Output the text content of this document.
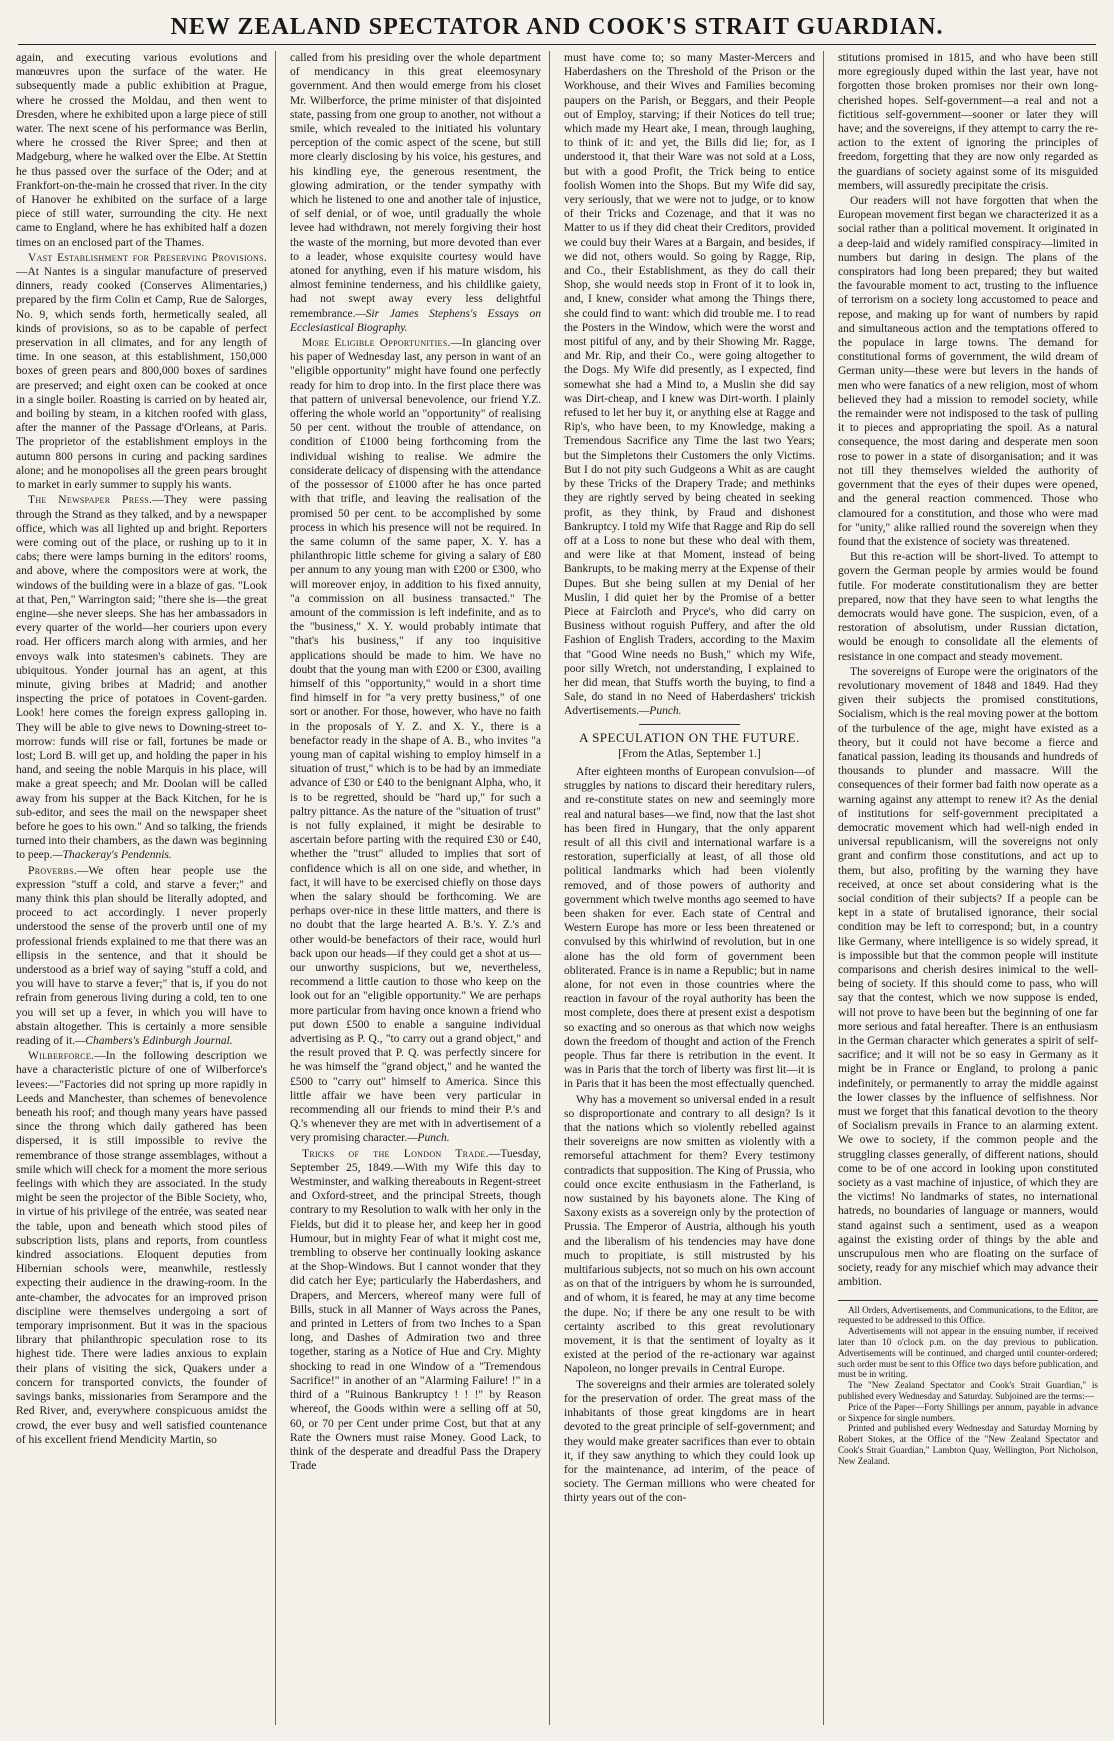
NEW ZEALAND SPECTATOR AND COOK'S STRAIT GUARDIAN.

again, and executing various evolutions and manœuvres upon the surface of the water. He subsequently made a public exhibition at Prague, where he crossed the Moldau, and then went to Dresden, where he exhibited upon a large piece of still water. The next scene of his performance was Berlin, where he crossed the River Spree; and then at Madgeburg, where he walked over the Elbe. At Stettin he thus passed over the surface of the Oder; and at Frankfort-on-the-main he crossed that river. In the city of Hanover he exhibited on the surface of a large piece of still water, surrounding the city. He next came to England, where he has exhibited half a dozen times on an enclosed part of the Thames.

Vast Establishment for Preserving Provisions.—At Nantes is a singular manufacture of preserved dinners, ready cooked (Conserves Alimentaries,) prepared by the firm Colin et Camp, Rue de Salorges, No. 9, which sends forth, hermetically sealed, all kinds of provisions, so as to be capable of perfect preservation in all climates, and for any length of time. In one season, at this establishment, 150,000 boxes of green pears and 800,000 boxes of sardines are preserved; and eight oxen can be cooked at once in a single boiler. Roasting is carried on by heated air, and boiling by steam, in a kitchen roofed with glass, after the manner of the Passage d'Orleans, at Paris. The proprietor of the establishment employs in the autumn 800 persons in curing and packing sardines alone; and he monopolises all the green pears brought to market in early summer to supply his wants.

The Newspaper Press.—They were passing through the Strand as they talked, and by a newspaper office, which was all lighted up and bright. Reporters were coming out of the place, or rushing up to it in cabs; there were lamps burning in the editors' rooms, and above, where the compositors were at work, the windows of the building were in a blaze of gas. "Look at that, Pen," Warrington said; "there she is—the great engine—she never sleeps. She has her ambassadors in every quarter of the world—her couriers upon every road. Her officers march along with armies, and her envoys walk into statesmen's cabinets. They are ubiquitous. Yonder journal has an agent, at this minute, giving bribes at Madrid; and another inspecting the price of potatoes in Covent-garden. Look! here comes the foreign express galloping in. They will be able to give news to Downing-street to-morrow: funds will rise or fall, fortunes be made or lost; Lord B. will get up, and holding the paper in his hand, and seeing the noble Marquis in his place, will make a great speech; and Mr. Doolan will be called away from his supper at the Back Kitchen, for he is sub-editor, and sees the mail on the newspaper sheet before he goes to his own." And so talking, the friends turned into their chambers, as the dawn was beginning to peep.—Thackeray's Pendennis.

Proverbs.—We often hear people use the expression "stuff a cold, and starve a fever;" and many think this plan should be literally adopted, and proceed to act accordingly. I never properly understood the sense of the proverb until one of my professional friends explained to me that there was an ellipsis in the sentence, and that it should be understood as a brief way of saying "stuff a cold, and you will have to starve a fever;" that is, if you do not refrain from generous living during a cold, ten to one you will set up a fever, in which you will have to abstain altogether. This is certainly a more sensible reading of it.—Chambers's Edinburgh Journal.

Wilberforce.—In the following description we have a characteristic picture of one of Wilberforce's levees:—"Factories did not spring up more rapidly in Leeds and Manchester, than schemes of benevolence beneath his roof; and though many years have passed since the throng which daily gathered has been dispersed, it is still impossible to revive the remembrance of those strange assemblages, without a smile which will check for a moment the more serious feelings with which they are associated. In the study might be seen the projector of the Bible Society, who, in virtue of his privilege of the entrée, was seated near the table, upon and beneath which stood piles of subscription lists, plans and reports, from countless kindred associations. Eloquent deputies from Hibernian schools were, meanwhile, restlessly expecting their audience in the drawing-room. In the ante-chamber, the advocates for an improved prison discipline were themselves undergoing a sort of temporary imprisonment. But it was in the spacious library that philanthropic speculation rose to its highest tide. There were ladies anxious to explain their plans of visiting the sick, Quakers under a concern for transported convicts, the founder of savings banks, missionaries from Serampore and the Red River, and, everywhere conspicuous amidst the crowd, the ever busy and well satisfied countenance of his excellent friend Mendicity Martin, so

called from his presiding over the whole department of mendicancy in this great eleemosynary government. And then would emerge from his closet Mr. Wilberforce, the prime minister of that disjointed state, passing from one group to another, not without a smile, which revealed to the initiated his voluntary perception of the comic aspect of the scene, but still more clearly disclosing by his voice, his gestures, and his kindling eye, the generous resentment, the glowing admiration, or the tender sympathy with which he listened to one and another tale of injustice, of self denial, or of woe, until gradually the whole levee had withdrawn, not merely forgiving their host the waste of the morning, but more devoted than ever to a leader, whose exquisite courtesy would have atoned for anything, even if his mature wisdom, his almost feminine tenderness, and his childlike gaiety, had not swept away every less delightful remembrance.—Sir James Stephens's Essays on Ecclesiastical Biography.

More Eligible Opportunities.—In glancing over his paper of Wednesday last, any person in want of an "eligible opportunity" might have found one perfectly ready for him to drop into. In the first place there was that pattern of universal benevolence, our friend Y.Z. offering the whole world an "opportunity" of realising 50 per cent. without the trouble of attendance, on condition of £1000 being forthcoming from the individual wishing to realise. We admire the considerate delicacy of dispensing with the attendance of the possessor of £1000 after he has once parted with that trifle, and leaving the realisation of the promised 50 per cent. to be accomplished by some process in which his presence will not be required. In the same column of the same paper, X. Y. has a philanthropic little scheme for giving a salary of £80 per annum to any young man with £200 or £300, who will moreover enjoy, in addition to his fixed annuity, "a commission on all business transacted." The amount of the commission is left indefinite, and as to the "business," X. Y. would probably intimate that "that's his business," if any too inquisitive applications should be made to him. We have no doubt that the young man with £200 or £300, availing himself of this "opportunity," would in a short time find himself in for "a very pretty business," of one sort or another. For those, however, who have no faith in the proposals of Y. Z. and X. Y., there is a benefactor ready in the shape of A. B., who invites "a young man of capital wishing to employ himself in a situation of trust," which is to be had by an immediate advance of £30 or £40 to the benignant Alpha, who, it is to be regretted, should be "hard up," for such a paltry pittance. As the nature of the "situation of trust" is not fully explained, it might be desirable to ascertain before parting with the required £30 or £40, whether the "trust" alluded to implies that sort of confidence which is all on one side, and whether, in fact, it will have to be exercised chiefly on those days when the salary should be forthcoming. We are perhaps over-nice in these little matters, and there is no doubt that the large hearted A. B.'s. Y. Z.'s and other would-be benefactors of their race, would hurl back upon our heads—if they could get a shot at us—our unworthy suspicions, but we, nevertheless, recommend a little caution to those who keep on the look out for an "eligible opportunity." We are perhaps more particular from having once known a friend who put down £500 to enable a sanguine individual advertising as P. Q., "to carry out a grand object," and the result proved that P. Q. was perfectly sincere for he was himself the "grand object," and he wanted the £500 to "carry out" himself to America. Since this little affair we have been very particular in recommending all our friends to mind their P.'s and Q.'s whenever they are met with in advertisement of a very promising character.—Punch.

Tricks of the London Trade.—Tuesday, September 25, 1849.—With my Wife this day to Westminster, and walking thereabouts in Regent-street and Oxford-street, and the principal Streets, though contrary to my Resolution to walk with her only in the Fields, but did it to please her, and keep her in good Humour, but in mighty Fear of what it might cost me, trembling to observe her continually looking askance at the Shop-Windows. But I cannot wonder that they did catch her Eye; particularly the Haberdashers, and Drapers, and Mercers, whereof many were full of Bills, stuck in all Manner of Ways across the Panes, and printed in Letters of from two Inches to a Span long, and Dashes of Admiration two and three together, staring as a Notice of Hue and Cry. Mighty shocking to read in one Window of a "Tremendous Sacrifice!" in another of an "Alarming Failure! !" in a third of a "Ruinous Bankruptcy ! ! !" by Reason whereof, the Goods within were a selling off at 50, 60, or 70 per Cent under prime Cost, but that at any Rate the Owners must raise Money. Good Lack, to think of the desperate and dreadful Pass the Drapery Trade

must have come to; so many Master-Mercers and Haberdashers on the Threshold of the Prison or the Workhouse, and their Wives and Families becoming paupers on the Parish, or Beggars, and their People out of Employ, starving; if their Notices do tell true; which made my Heart ake, I mean, through laughing, to think of it: and yet, the Bills did lie; for, as I understood it, that their Ware was not sold at a Loss, but with a good Profit, the Trick being to entice foolish Women into the Shops. But my Wife did say, very seriously, that we were not to judge, or to know of their Tricks and Cozenage, and that it was no Matter to us if they did cheat their Creditors, provided we could buy their Wares at a Bargain, and besides, if we did not, others would. So going by Ragge, Rip, and Co., their Establishment, as they do call their Shop, she would needs stop in Front of it to look in, and, I knew, consider what among the Things there, she could find to want: which did trouble me. I to read the Posters in the Window, which were the worst and most pitiful of any, and by their Showing Mr. Ragge, and Mr. Rip, and their Co., were going altogether to the Dogs. My Wife did presently, as I expected, find somewhat she had a Mind to, a Muslin she did say was Dirt-cheap, and I knew was Dirt-worth. I plainly refused to let her buy it, or anything else at Ragge and Rip's, who have been, to my Knowledge, making a Tremendous Sacrifice any Time the last two Years; but the Simpletons their Customers the only Victims. But I do not pity such Gudgeons a Whit as are caught by these Tricks of the Drapery Trade; and methinks they are rightly served by being cheated in seeking profit, as they think, by Fraud and dishonest Bankruptcy. I told my Wife that Ragge and Rip do sell off at a Loss to none but these who deal with them, and were like at that Moment, instead of being Bankrupts, to be making merry at the Expense of their Dupes. But she being sullen at my Denial of her Muslin, I did quiet her by the Promise of a better Piece at Faircloth and Pryce's, who did carry on Business without roguish Puffery, and after the old Fashion of English Traders, according to the Maxim that "Good Wine needs no Bush," which my Wife, poor silly Wretch, not understanding, I explained to her did mean, that Stuffs worth the buying, to find a Sale, do stand in no Need of Haberdashers' trickish Advertisements.—Punch.

A SPECULATION ON THE FUTURE.
[From the Atlas, September 1.]

After eighteen months of European convulsion—of struggles by nations to discard their hereditary rulers, and re-constitute states on new and seemingly more real and natural bases—we find, now that the last shot has been fired in Hungary, that the only apparent result of all this civil and international warfare is a restoration, superficially at least, of all those old political landmarks which had been violently removed, and of those powers of authority and government which twelve months ago seemed to have been shaken for ever. Each state of Central and Western Europe has more or less been threatened or convulsed by this whirlwind of revolution, but in one alone has the old form of government been obliterated. France is in name a Republic; but in name alone, for not even in those countries where the reaction in favour of the royal authority has been the most complete, does there at present exist a despotism so exacting and so onerous as that which now weighs down the freedom of thought and action of the French people. Thus far there is retribution in the event. It was in Paris that the torch of liberty was first lit—it is in Paris that it has been the most effectually quenched.

Why has a movement so universal ended in a result so disproportionate and contrary to all design? Is it that the nations which so violently rebelled against their sovereigns are now smitten as violently with a remorseful attachment for them? Every testimony contradicts that supposition. The King of Prussia, who could once excite enthusiasm in the Fatherland, is now sustained by his bayonets alone. The King of Saxony exists as a sovereign only by the protection of Prussia. The Emperor of Austria, although his youth and the liberalism of his tendencies may have done much to propitiate, is still mistrusted by his multifarious subjects, not so much on his own account as on that of the intriguers by whom he is surrounded, and of whom, it is feared, he may at any time become the dupe. No; if there be any one result to be with certainty ascribed to this great revolutionary movement, it is that the sentiment of loyalty as it existed at the period of the re-actionary war against Napoleon, no longer prevails in Central Europe.

The sovereigns and their armies are tolerated solely for the preservation of order. The great mass of the inhabitants of those great kingdoms are in heart devoted to the great principle of self-government; and they would make greater sacrifices than ever to obtain it, if they saw anything to which they could look up for the maintenance, ad interim, of the peace of society. The German millions who were cheated for thirty years out of the con-

stitutions promised in 1815, and who have been still more egregiously duped within the last year, have not forgotten those broken promises nor their own long-cherished hopes. Self-government—a real and not a fictitious self-government—sooner or later they will have; and the sovereigns, if they attempt to carry the re-action to the extent of ignoring the principles of freedom, forgetting that they are now only regarded as the guardians of society against some of its misguided members, will assuredly precipitate the crisis.

Our readers will not have forgotten that when the European movement first began we characterized it as a social rather than a political movement. It originated in a deep-laid and widely ramified conspiracy—limited in numbers but daring in design. The plans of the conspirators had long been prepared; they but waited the favourable moment to act, trusting to the influence of terrorism on a society long accustomed to peace and repose, and making up for want of numbers by rapid and simultaneous action and the temptations offered to the populace in large towns. The demand for constitutional forms of government, the wild dream of German unity—these were but levers in the hands of men who were fanatics of a new religion, most of whom believed they had a mission to remodel society, while the remainder were not indisposed to the task of pulling it to pieces and appropriating the spoil. As a natural consequence, the most daring and desperate men soon rose to power in a state of disorganisation; and it was not till they themselves wielded the authority of government that the eyes of their dupes were opened, and the general reaction commenced. Those who clamoured for a constitution, and those who were mad for "unity," alike rallied round the sovereign when they found that the existence of society was threatened.

But this re-action will be short-lived. To attempt to govern the German people by armies would be found futile. For moderate constitutionalism they are better prepared, now that they have seen to what lengths the democrats would have gone. The suspicion, even, of a restoration of absolutism, under Russian dictation, would be enough to consolidate all the elements of resistance in one compact and steady movement.

The sovereigns of Europe were the originators of the revolutionary movement of 1848 and 1849. Had they given their subjects the promised constitutions, Socialism, which is the real moving power at the bottom of the turbulence of the age, might have existed as a theory, but it could not have become a fierce and fanatical passion, leading its thousands and hundreds of thousands to plunder and massacre. Will the consequences of their former bad faith now operate as a warning against any attempt to renew it? As the denial of institutions for self-government precipitated a democratic movement which had well-nigh ended in universal republicanism, will the sovereigns not only grant and confirm those constitutions, and act up to them, but also, profiting by the warning they have received, at once set about considering what is the social condition of their subjects? If a people can be kept in a state of brutalised ignorance, their social condition may be left to correspond; but, in a country like Germany, where intelligence is so widely spread, it is impossible but that the common people will institute comparisons and cherish desires inimical to the well-being of society. If this should come to pass, who will say that the contest, which we now suppose is ended, will not prove to have been but the beginning of one far more serious and fatal hereafter. There is an enthusiasm in the German character which generates a spirit of self-sacrifice; and it will not be so easy in Germany as it might be in France or England, to prolong a panic indefinitely, or permanently to array the middle against the lower classes by the influence of selfishness. Nor must we forget that this fanatical devotion to the theory of Socialism prevails in France to an alarming extent. We owe to society, if the common people and the struggling classes generally, of different nations, should come to be of one accord in looking upon constituted society as a vast machine of injustice, of which they are the victims! No landmarks of states, no international hatreds, no boundaries of language or manners, would stand against such a sentiment, used as a weapon against the existing order of things by the able and unscrupulous men who are floating on the surface of society, ready for any mischief which may advance their ambition.

All Orders, Advertisements, and Communications, to the Editor, are requested to be addressed to this Office.

Advertisements will not appear in the ensuing number, if received later than 10 o'clock p.m. on the day previous to publication. Advertisements will be continued, and charged until counter-ordered; such order must be sent to this Office two days before publication, and must be in writing.

The "New Zealand Spectator and Cook's Strait Guardian," is published every Wednesday and Saturday. Subjoined are the terms:—

Price of the Paper—Forty Shillings per annum, payable in advance or Sixpence for single numbers.

Printed and published every Wednesday and Saturday Morning by Robert Stokes, at the Office of the "New Zealand Spectator and Cook's Strait Guardian," Lambton Quay, Wellington, Port Nicholson, New Zealand.
